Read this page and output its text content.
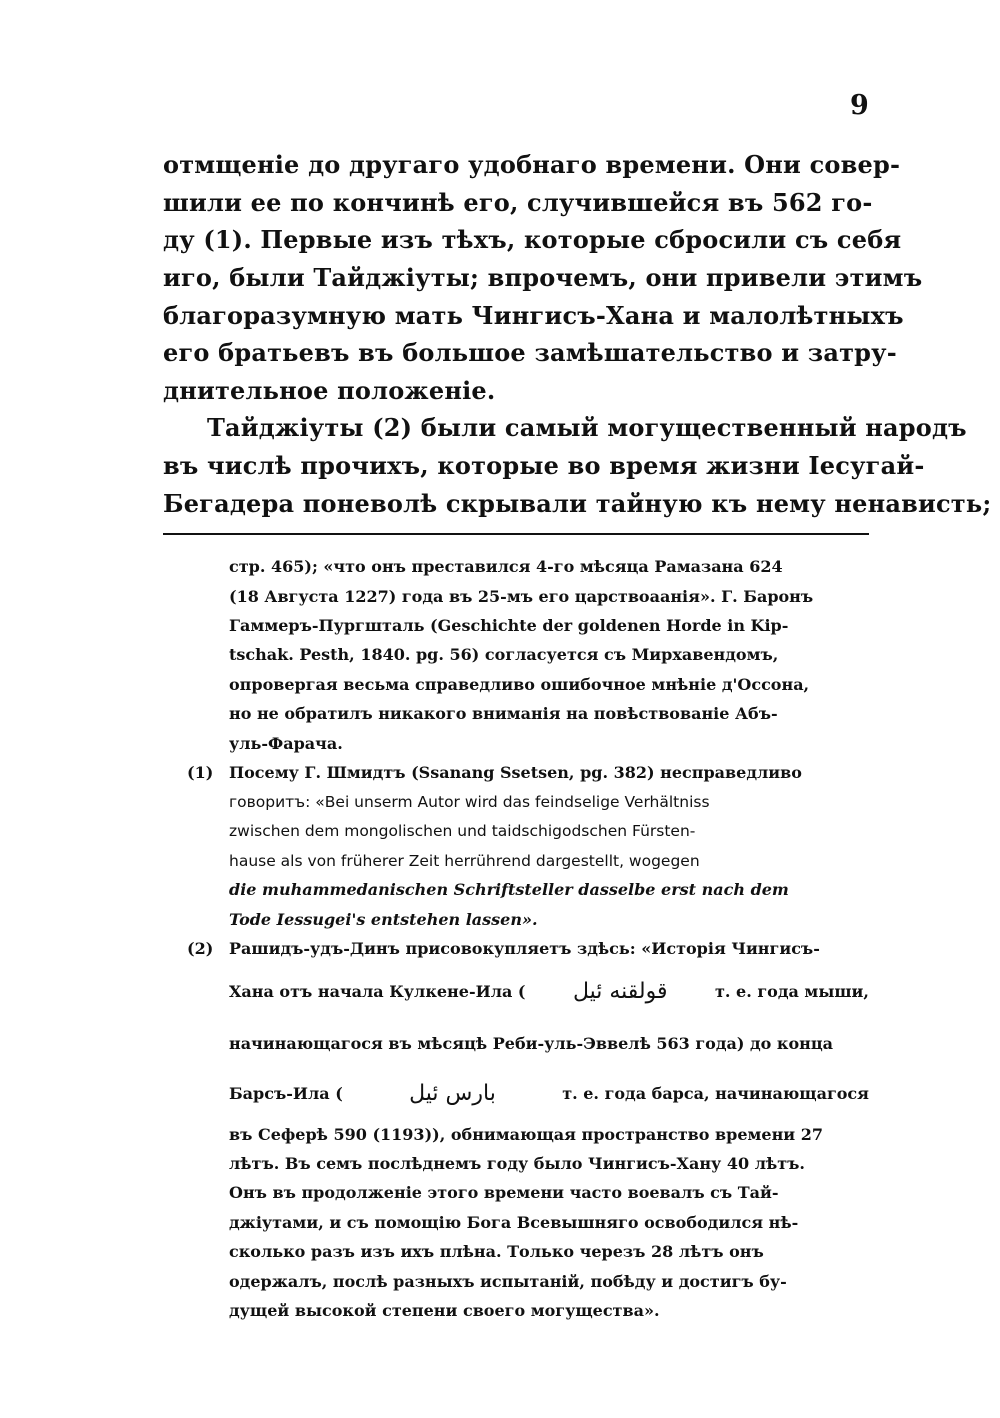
9
отмщеніе до другаго удобнаго времени. Они совер-
шили ее по кончинѣ его, случившейся въ 562 го-
ду (1). Первые изъ тѣхъ, которые сбросили съ себя
иго, были Тайджіуты; впрочемъ, они привели этимъ
благоразумную мать Чингисъ-Хана и малолѣтныхъ
его братьевъ въ большое замѣшательство и затру-
днительное положеніе.
Тайджіуты (2) были самый могущественный народъ
въ числѣ прочихъ, которые во время жизни Іесугай-
Бегадера поневолѣ скрывали тайную къ нему ненависть;
стр. 465); «что онъ преставился 4-го мѣсяца Рамазана 624
(18 Августа 1227) года въ 25-мъ его царствоаанія». Г. Баронъ
Гаммеръ-Пургшталь (Geschichte der goldenen Horde in Kip-
tschak. Pesth, 1840. pg. 56) согласуется съ Мирхавендомъ,
опровергая весьма справедливо ошибочное мнѣніе д'Оссона,
но не обратилъ никакого вниманія на повѣствованіе Абъ-
уль-Фарача.
(1) Посему Г. Шмидтъ (Ssanang Ssetsen, pg. 382) несправедливо
говоритъ: «Bei unserm Autor wird das feindselige Verhältniss
zwischen dem mongolischen und taidschigodschen Fürsten-
hause als von früherer Zeit herrührend dargestellt, wogegen
die muhammedanischen Schriftsteller dasselbe erst nach dem
Tode Iessugei's entstehen lassen».
(2) Рашидъ-удъ-Динъ присовокупляетъ здѣсь: «Исторія Чингисъ-
Хана отъ начала Кулкене-Ила ( قولقنه ئيل	т. е. года мыши,
начинающагося въ мѣсяцѣ Реби-уль-Эввелѣ 563 года) до конца
Барсъ-Ила (	بارس ئيل	т. е. года барса, начинающагося
въ Сеферѣ 590 (1193)), обнимающая пространство времени 27
лѣтъ. Въ семъ послѣднемъ году было Чингисъ-Хану 40 лѣтъ.
Онъ въ продолженіе этого времени часто воевалъ съ Тай-
джіутами, и съ помощію Бога Всевышняго освободился нѣ-
сколько разъ изъ ихъ плѣна. Только черезъ 28 лѣтъ онъ
одержалъ, послѣ разныхъ испытаній, побѣду и достигъ бу-
дущей высокой степени своего могущества».
